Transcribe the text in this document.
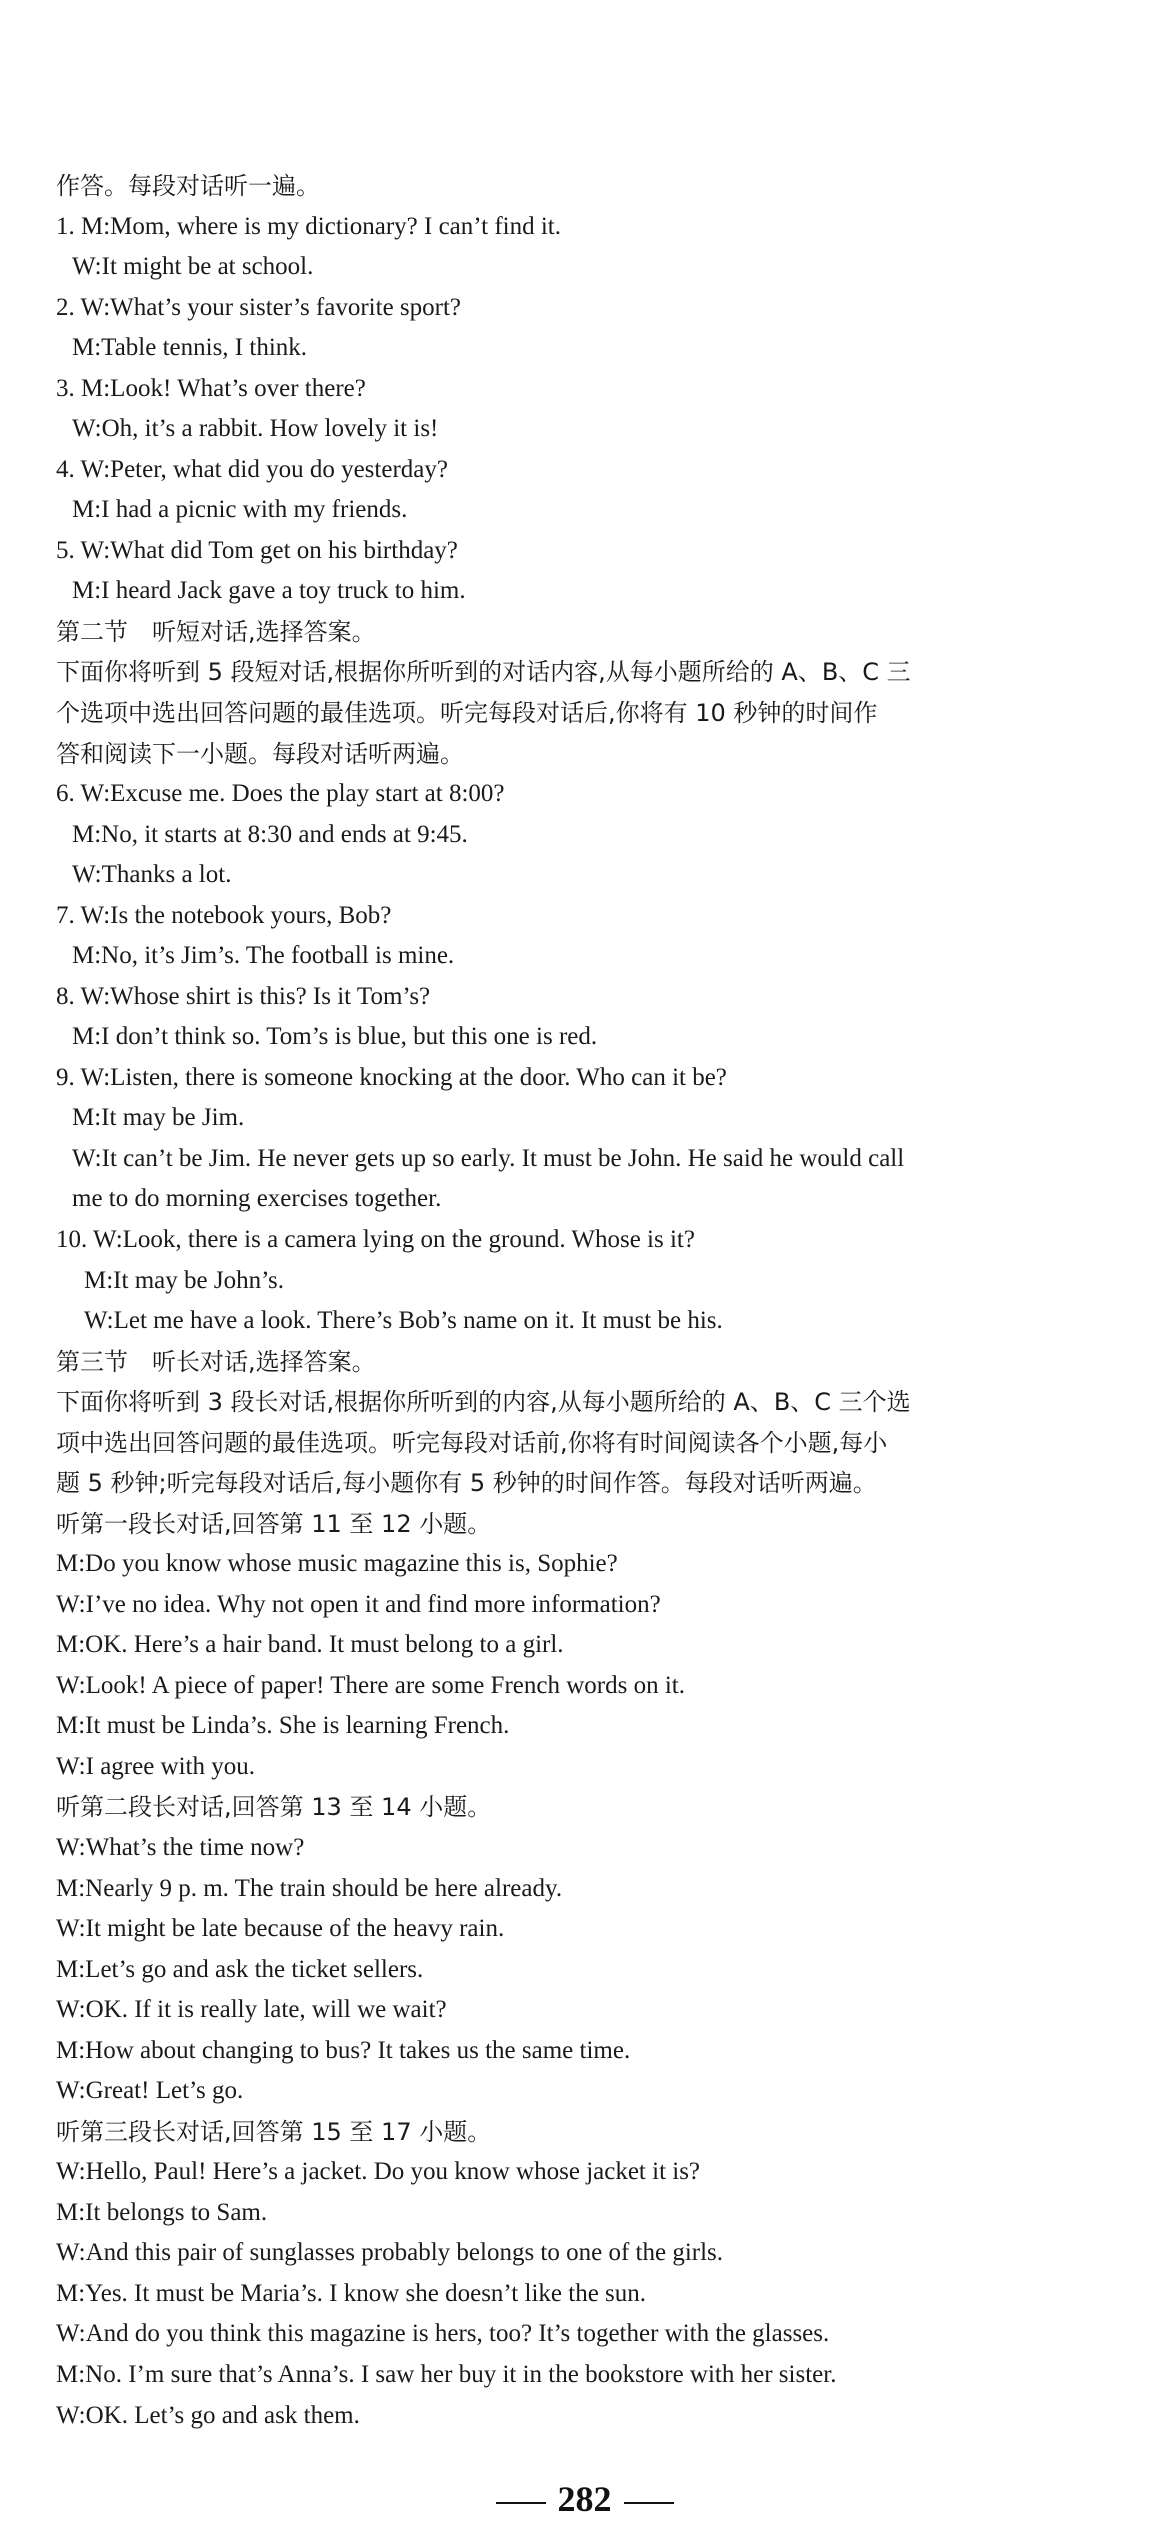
作答。每段对话听一遍。
1. M:Mom, where is my dictionary? I can’t find it.
W:It might be at school.
2. W:What’s your sister’s favorite sport?
M:Table tennis, I think.
3. M:Look! What’s over there?
W:Oh, it’s a rabbit. How lovely it is!
4. W:Peter, what did you do yesterday?
M:I had a picnic with my friends.
5. W:What did Tom get on his birthday?
M:I heard Jack gave a toy truck to him.
第二节　听短对话,选择答案。
下面你将听到 5 段短对话,根据你所听到的对话内容,从每小题所给的 A、B、C 三
个选项中选出回答问题的最佳选项。听完每段对话后,你将有 10 秒钟的时间作
答和阅读下一小题。每段对话听两遍。
6. W:Excuse me. Does the play start at 8:00?
M:No, it starts at 8:30 and ends at 9:45.
W:Thanks a lot.
7. W:Is the notebook yours, Bob?
M:No, it’s Jim’s. The football is mine.
8. W:Whose shirt is this? Is it Tom’s?
M:I don’t think so. Tom’s is blue, but this one is red.
9. W:Listen, there is someone knocking at the door. Who can it be?
M:It may be Jim.
W:It can’t be Jim. He never gets up so early. It must be John. He said he would call
me to do morning exercises together.
10. W:Look, there is a camera lying on the ground. Whose is it?
M:It may be John’s.
W:Let me have a look. There’s Bob’s name on it. It must be his.
第三节　听长对话,选择答案。
下面你将听到 3 段长对话,根据你所听到的内容,从每小题所给的 A、B、C 三个选
项中选出回答问题的最佳选项。听完每段对话前,你将有时间阅读各个小题,每小
题 5 秒钟;听完每段对话后,每小题你有 5 秒钟的时间作答。每段对话听两遍。
听第一段长对话,回答第 11 至 12 小题。
M:Do you know whose music magazine this is, Sophie?
W:I’ve no idea. Why not open it and find more information?
M:OK. Here’s a hair band. It must belong to a girl.
W:Look! A piece of paper! There are some French words on it.
M:It must be Linda’s. She is learning French.
W:I agree with you.
听第二段长对话,回答第 13 至 14 小题。
W:What’s the time now?
M:Nearly 9 p. m. The train should be here already.
W:It might be late because of the heavy rain.
M:Let’s go and ask the ticket sellers.
W:OK. If it is really late, will we wait?
M:How about changing to bus? It takes us the same time.
W:Great! Let’s go.
听第三段长对话,回答第 15 至 17 小题。
W:Hello, Paul! Here’s a jacket. Do you know whose jacket it is?
M:It belongs to Sam.
W:And this pair of sunglasses probably belongs to one of the girls.
M:Yes. It must be Maria’s. I know she doesn’t like the sun.
W:And do you think this magazine is hers, too? It’s together with the glasses.
M:No. I’m sure that’s Anna’s. I saw her buy it in the bookstore with her sister.
W:OK. Let’s go and ask them.
282
